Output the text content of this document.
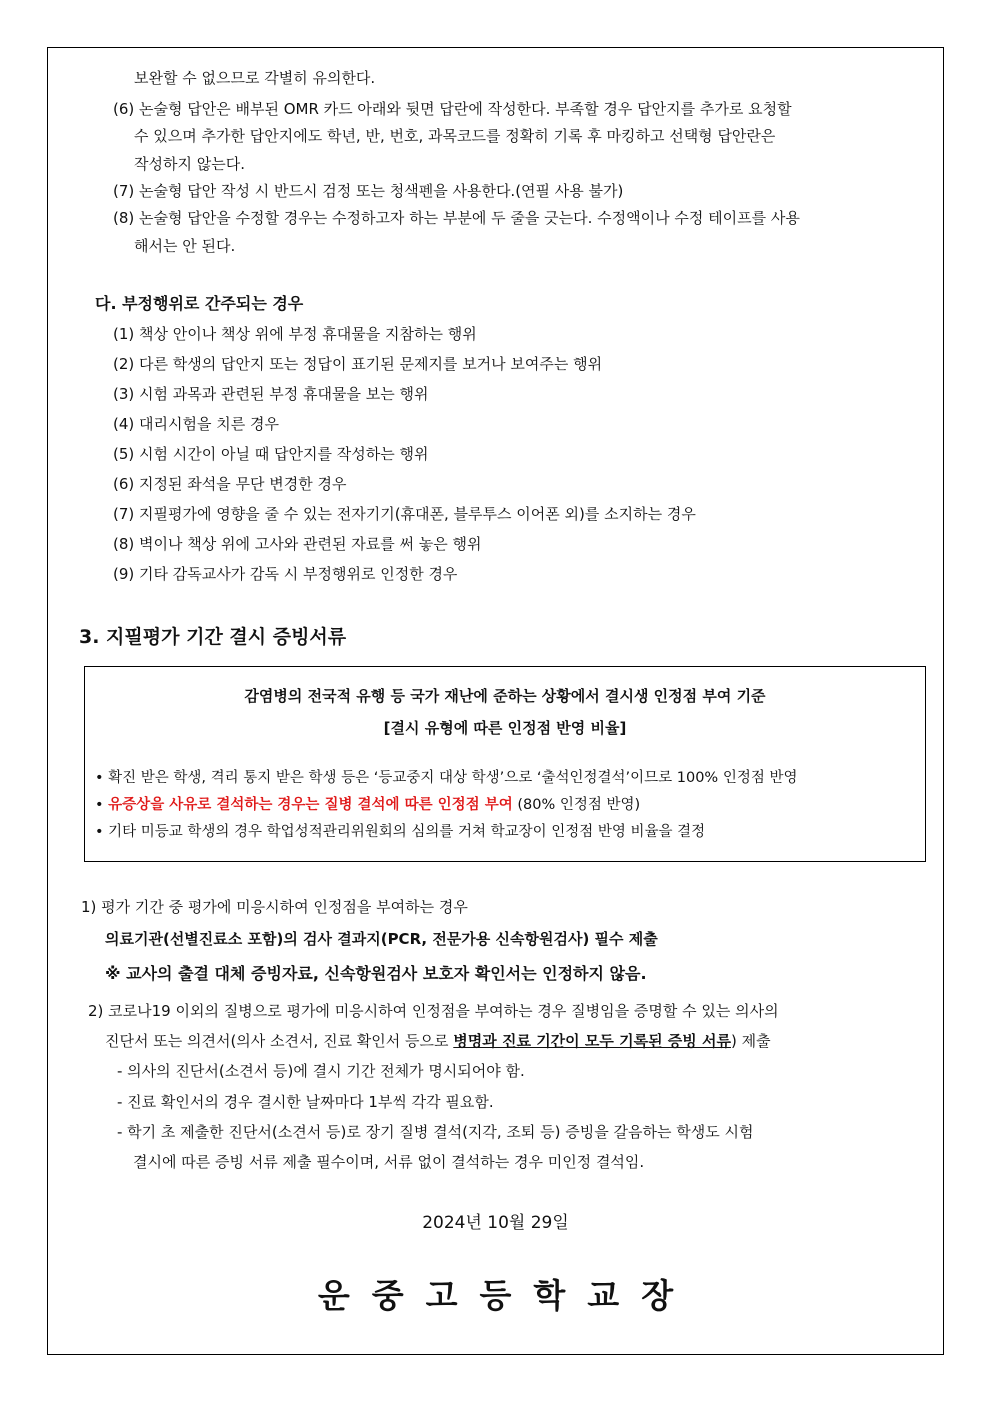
보완할 수 없으므로 각별히 유의한다.
(6) 논술형 답안은 배부된 OMR 카드 아래와 뒷면 답란에 작성한다. 부족할 경우 답안지를 추가로 요청할
수 있으며 추가한 답안지에도 학년, 반, 번호, 과목코드를 정확히 기록 후 마킹하고 선택형 답안란은
작성하지 않는다.
(7) 논술형 답안 작성 시 반드시 검정 또는 청색펜을 사용한다.(연필 사용 불가)
(8) 논술형 답안을 수정할 경우는 수정하고자 하는 부분에 두 줄을 긋는다. 수정액이나 수정 테이프를 사용
해서는 안 된다.
다. 부정행위로 간주되는 경우
(1) 책상 안이나 책상 위에 부정 휴대물을 지참하는 행위
(2) 다른 학생의 답안지 또는 정답이 표기된 문제지를 보거나 보여주는 행위
(3) 시험 과목과 관련된 부정 휴대물을 보는 행위
(4) 대리시험을 치른 경우
(5) 시험 시간이 아닐 때 답안지를 작성하는 행위
(6) 지정된 좌석을 무단 변경한 경우
(7) 지필평가에 영향을 줄 수 있는 전자기기(휴대폰, 블루투스 이어폰 외)를 소지하는 경우
(8) 벽이나 책상 위에 고사와 관련된 자료를 써 놓은 행위
(9) 기타 감독교사가 감독 시 부정행위로 인정한 경우
3. 지필평가 기간 결시 증빙서류
감염병의 전국적 유행 등 국가 재난에 준하는 상황에서 결시생 인정점 부여 기준
[결시 유형에 따른 인정점 반영 비율]
• 확진 받은 학생, 격리 통지 받은 학생 등은 ‘등교중지 대상 학생’으로 ‘출석인정결석’이므로 100% 인정점 반영
• 유증상을 사유로 결석하는 경우는 질병 결석에 따른 인정점 부여 (80% 인정점 반영)
• 기타 미등교 학생의 경우 학업성적관리위원회의 심의를 거쳐 학교장이 인정점 반영 비율을 결정
1) 평가 기간 중 평가에 미응시하여 인정점을 부여하는 경우
의료기관(선별진료소 포함)의 검사 결과지(PCR, 전문가용 신속항원검사) 필수 제출
※ 교사의 출결 대체 증빙자료, 신속항원검사 보호자 확인서는 인정하지 않음.
2) 코로나19 이외의 질병으로 평가에 미응시하여 인정점을 부여하는 경우 질병임을 증명할 수 있는 의사의
진단서 또는 의견서(의사 소견서, 진료 확인서 등으로 병명과 진료 기간이 모두 기록된 증빙 서류) 제출
- 의사의 진단서(소견서 등)에 결시 기간 전체가 명시되어야 함.
- 진료 확인서의 경우 결시한 날짜마다 1부씩 각각 필요함.
- 학기 초 제출한 진단서(소견서 등)로 장기 질병 결석(지각, 조퇴 등) 증빙을 갈음하는 학생도 시험
결시에 따른 증빙 서류 제출 필수이며, 서류 없이 결석하는 경우 미인정 결석임.
2024년 10월 29일
운중고등학교장
